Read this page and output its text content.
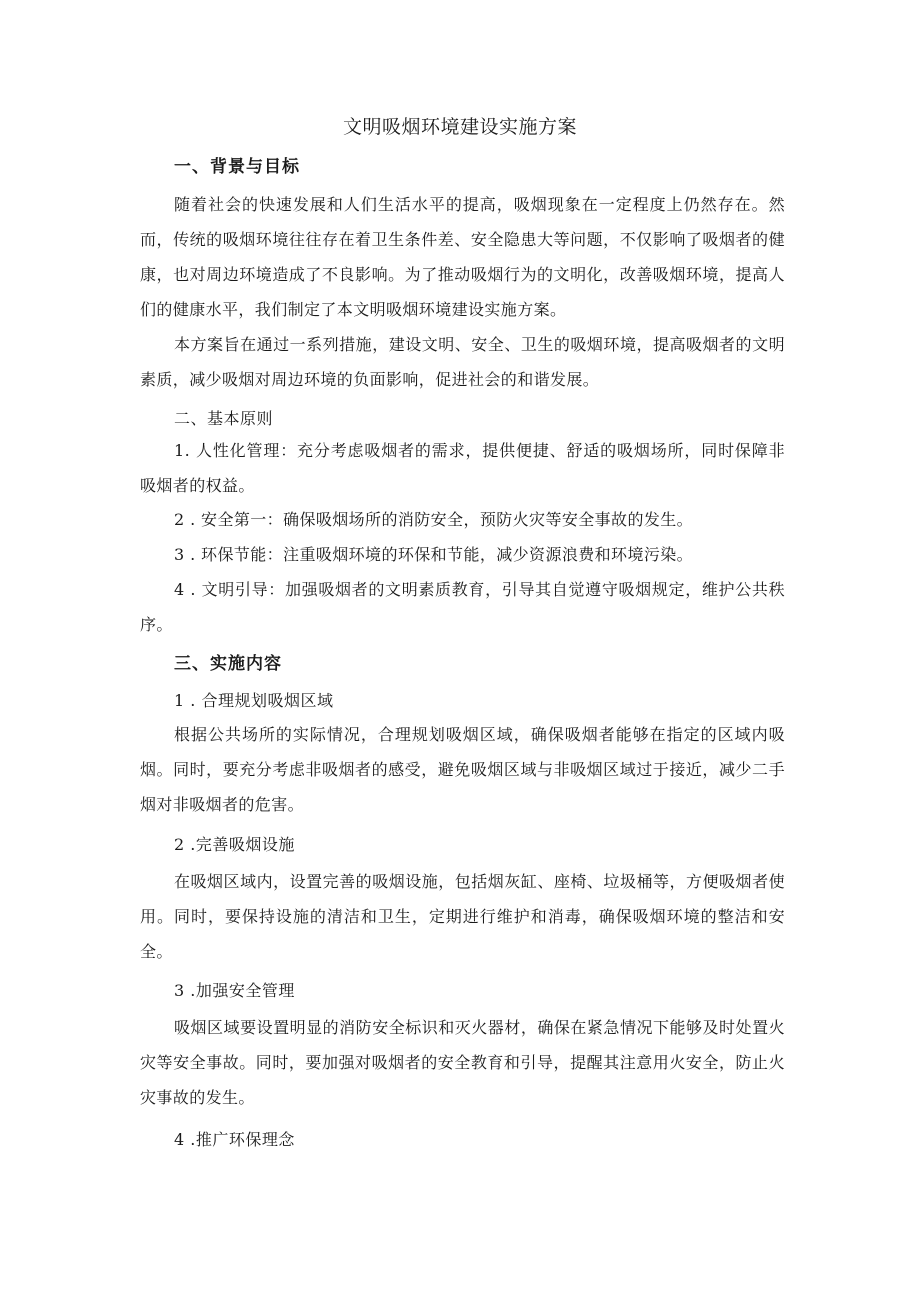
文明吸烟环境建设实施方案
一、背景与目标
随着社会的快速发展和人们生活水平的提高，吸烟现象在一定程度上仍然存在。然而，传统的吸烟环境往往存在着卫生条件差、安全隐患大等问题，不仅影响了吸烟者的健康，也对周边环境造成了不良影响。为了推动吸烟行为的文明化，改善吸烟环境，提高人们的健康水平，我们制定了本文明吸烟环境建设实施方案。
本方案旨在通过一系列措施，建设文明、安全、卫生的吸烟环境，提高吸烟者的文明素质，减少吸烟对周边环境的负面影响，促进社会的和谐发展。
二、基本原则
1. 人性化管理：充分考虑吸烟者的需求，提供便捷、舒适的吸烟场所，同时保障非吸烟者的权益。
2 . 安全第一：确保吸烟场所的消防安全，预防火灾等安全事故的发生。
3 . 环保节能：注重吸烟环境的环保和节能，减少资源浪费和环境污染。
4 . 文明引导：加强吸烟者的文明素质教育，引导其自觉遵守吸烟规定，维护公共秩序。
三、实施内容
1 . 合理规划吸烟区域
根据公共场所的实际情况，合理规划吸烟区域，确保吸烟者能够在指定的区域内吸烟。同时，要充分考虑非吸烟者的感受，避免吸烟区域与非吸烟区域过于接近，减少二手烟对非吸烟者的危害。
2 .完善吸烟设施
在吸烟区域内，设置完善的吸烟设施，包括烟灰缸、座椅、垃圾桶等，方便吸烟者使用。同时，要保持设施的清洁和卫生，定期进行维护和消毒，确保吸烟环境的整洁和安全。
3 .加强安全管理
吸烟区域要设置明显的消防安全标识和灭火器材，确保在紧急情况下能够及时处置火灾等安全事故。同时，要加强对吸烟者的安全教育和引导，提醒其注意用火安全，防止火灾事故的发生。
4 .推广环保理念
